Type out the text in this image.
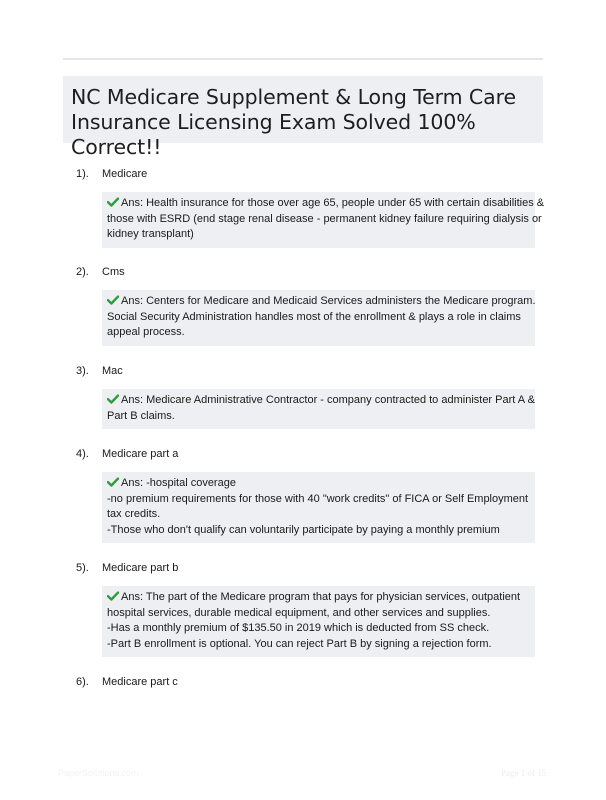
NC Medicare Supplement & Long Term Care
Insurance Licensing Exam Solved 100% Correct!!
1). Medicare
Ans: Health insurance for those over age 65, people under 65 with certain disabilities &
those with ESRD (end stage renal disease - permanent kidney failure requiring dialysis or
kidney transplant)
2). Cms
Ans: Centers for Medicare and Medicaid Services administers the Medicare program.
Social Security Administration handles most of the enrollment & plays a role in claims
appeal process.
3). Mac
Ans: Medicare Administrative Contractor - company contracted to administer Part A &
Part B claims.
4). Medicare part a
Ans: -hospital coverage
-no premium requirements for those with 40 "work credits" of FICA or Self Employment
tax credits.
-Those who don't qualify can voluntarily participate by paying a monthly premium
5). Medicare part b
Ans: The part of the Medicare program that pays for physician services, outpatient
hospital services, durable medical equipment, and other services and supplies.
-Has a monthly premium of $135.50 in 2019 which is deducted from SS check.
-Part B enrollment is optional. You can reject Part B by signing a rejection form.
6). Medicare part c
PaperSolutions.com	Page 1 of 15
